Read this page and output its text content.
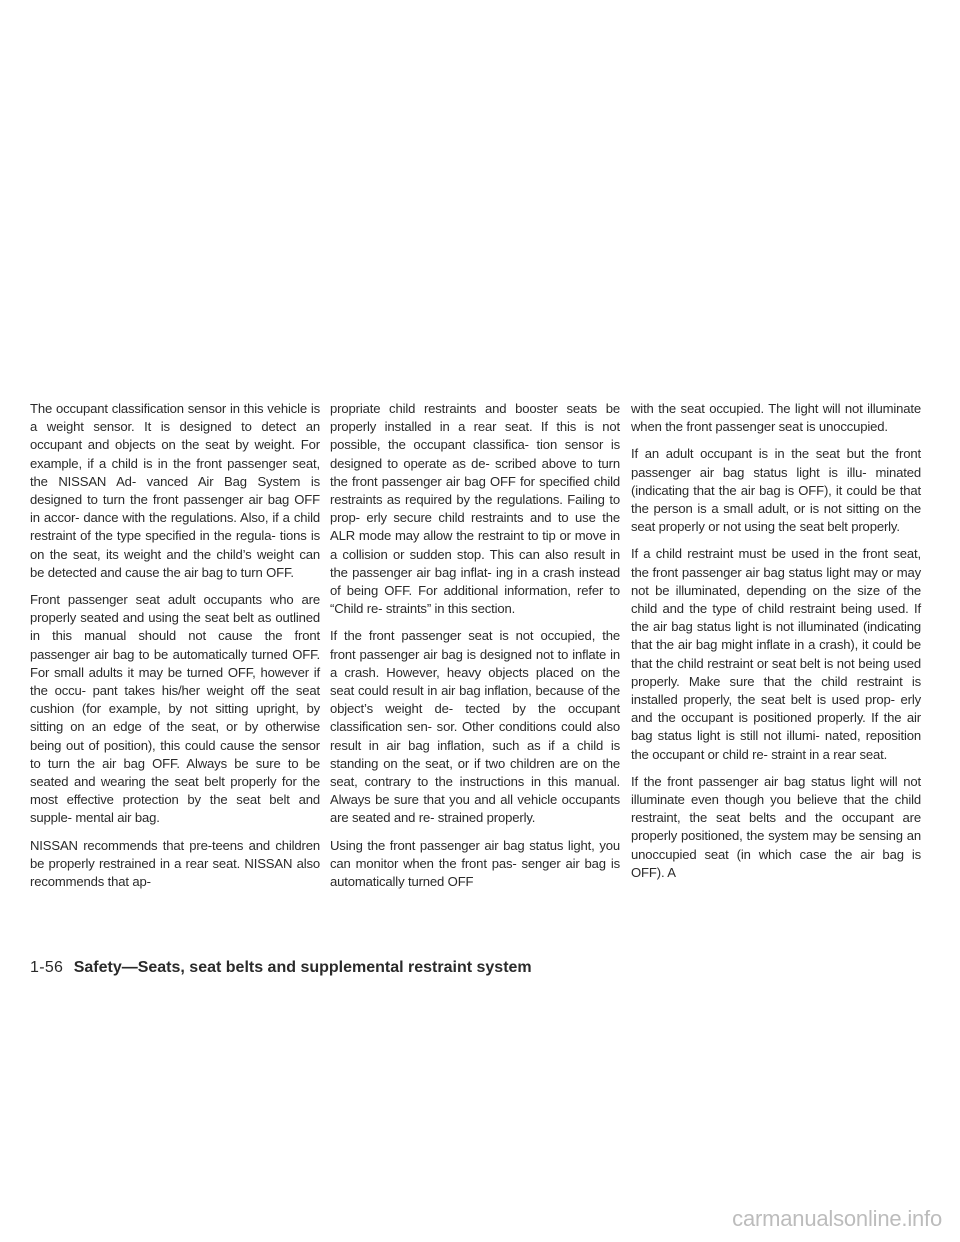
The occupant classification sensor in this vehicle is a weight sensor. It is designed to detect an occupant and objects on the seat by weight. For example, if a child is in the front passenger seat, the NISSAN Ad- vanced Air Bag System is designed to turn the front passenger air bag OFF in accor- dance with the regulations. Also, if a child restraint of the type specified in the regula- tions is on the seat, its weight and the child’s weight can be detected and cause the air bag to turn OFF.

Front passenger seat adult occupants who are properly seated and using the seat belt as outlined in this manual should not cause the front passenger air bag to be automatically turned OFF. For small adults it may be turned OFF, however if the occu- pant takes his/her weight off the seat cushion (for example, by not sitting upright, by sitting on an edge of the seat, or by otherwise being out of position), this could cause the sensor to turn the air bag OFF. Always be sure to be seated and wearing the seat belt properly for the most effective protection by the seat belt and supple- mental air bag.

NISSAN recommends that pre-teens and children be properly restrained in a rear seat. NISSAN also recommends that ap-

propriate child restraints and booster seats be properly installed in a rear seat. If this is not possible, the occupant classifica- tion sensor is designed to operate as de- scribed above to turn the front passenger air bag OFF for specified child restraints as required by the regulations. Failing to prop- erly secure child restraints and to use the ALR mode may allow the restraint to tip or move in a collision or sudden stop. This can also result in the passenger air bag inflat- ing in a crash instead of being OFF. For additional information, refer to “Child re- straints” in this section.

If the front passenger seat is not occupied, the front passenger air bag is designed not to inflate in a crash. However, heavy objects placed on the seat could result in air bag inflation, because of the object’s weight de- tected by the occupant classification sen- sor. Other conditions could also result in air bag inflation, such as if a child is standing on the seat, or if two children are on the seat, contrary to the instructions in this manual. Always be sure that you and all vehicle occupants are seated and re- strained properly.

Using the front passenger air bag status light, you can monitor when the front pas- senger air bag is automatically turned OFF

with the seat occupied. The light will not illuminate when the front passenger seat is unoccupied.

If an adult occupant is in the seat but the front passenger air bag status light is illu- minated (indicating that the air bag is OFF), it could be that the person is a small adult, or is not sitting on the seat properly or not using the seat belt properly.

If a child restraint must be used in the front seat, the front passenger air bag status light may or may not be illuminated, depending on the size of the child and the type of child restraint being used. If the air bag status light is not illuminated (indicating that the air bag might inflate in a crash), it could be that the child restraint or seat belt is not being used properly. Make sure that the child restraint is installed properly, the seat belt is used prop- erly and the occupant is positioned properly. If the air bag status light is still not illumi- nated, reposition the occupant or child re- straint in a rear seat.

If the front passenger air bag status light will not illuminate even though you believe that the child restraint, the seat belts and the occupant are properly positioned, the system may be sensing an unoccupied seat (in which case the air bag is OFF). A

1-56 Safety—Seats, seat belts and supplemental restraint system
carmanualsonline.info
